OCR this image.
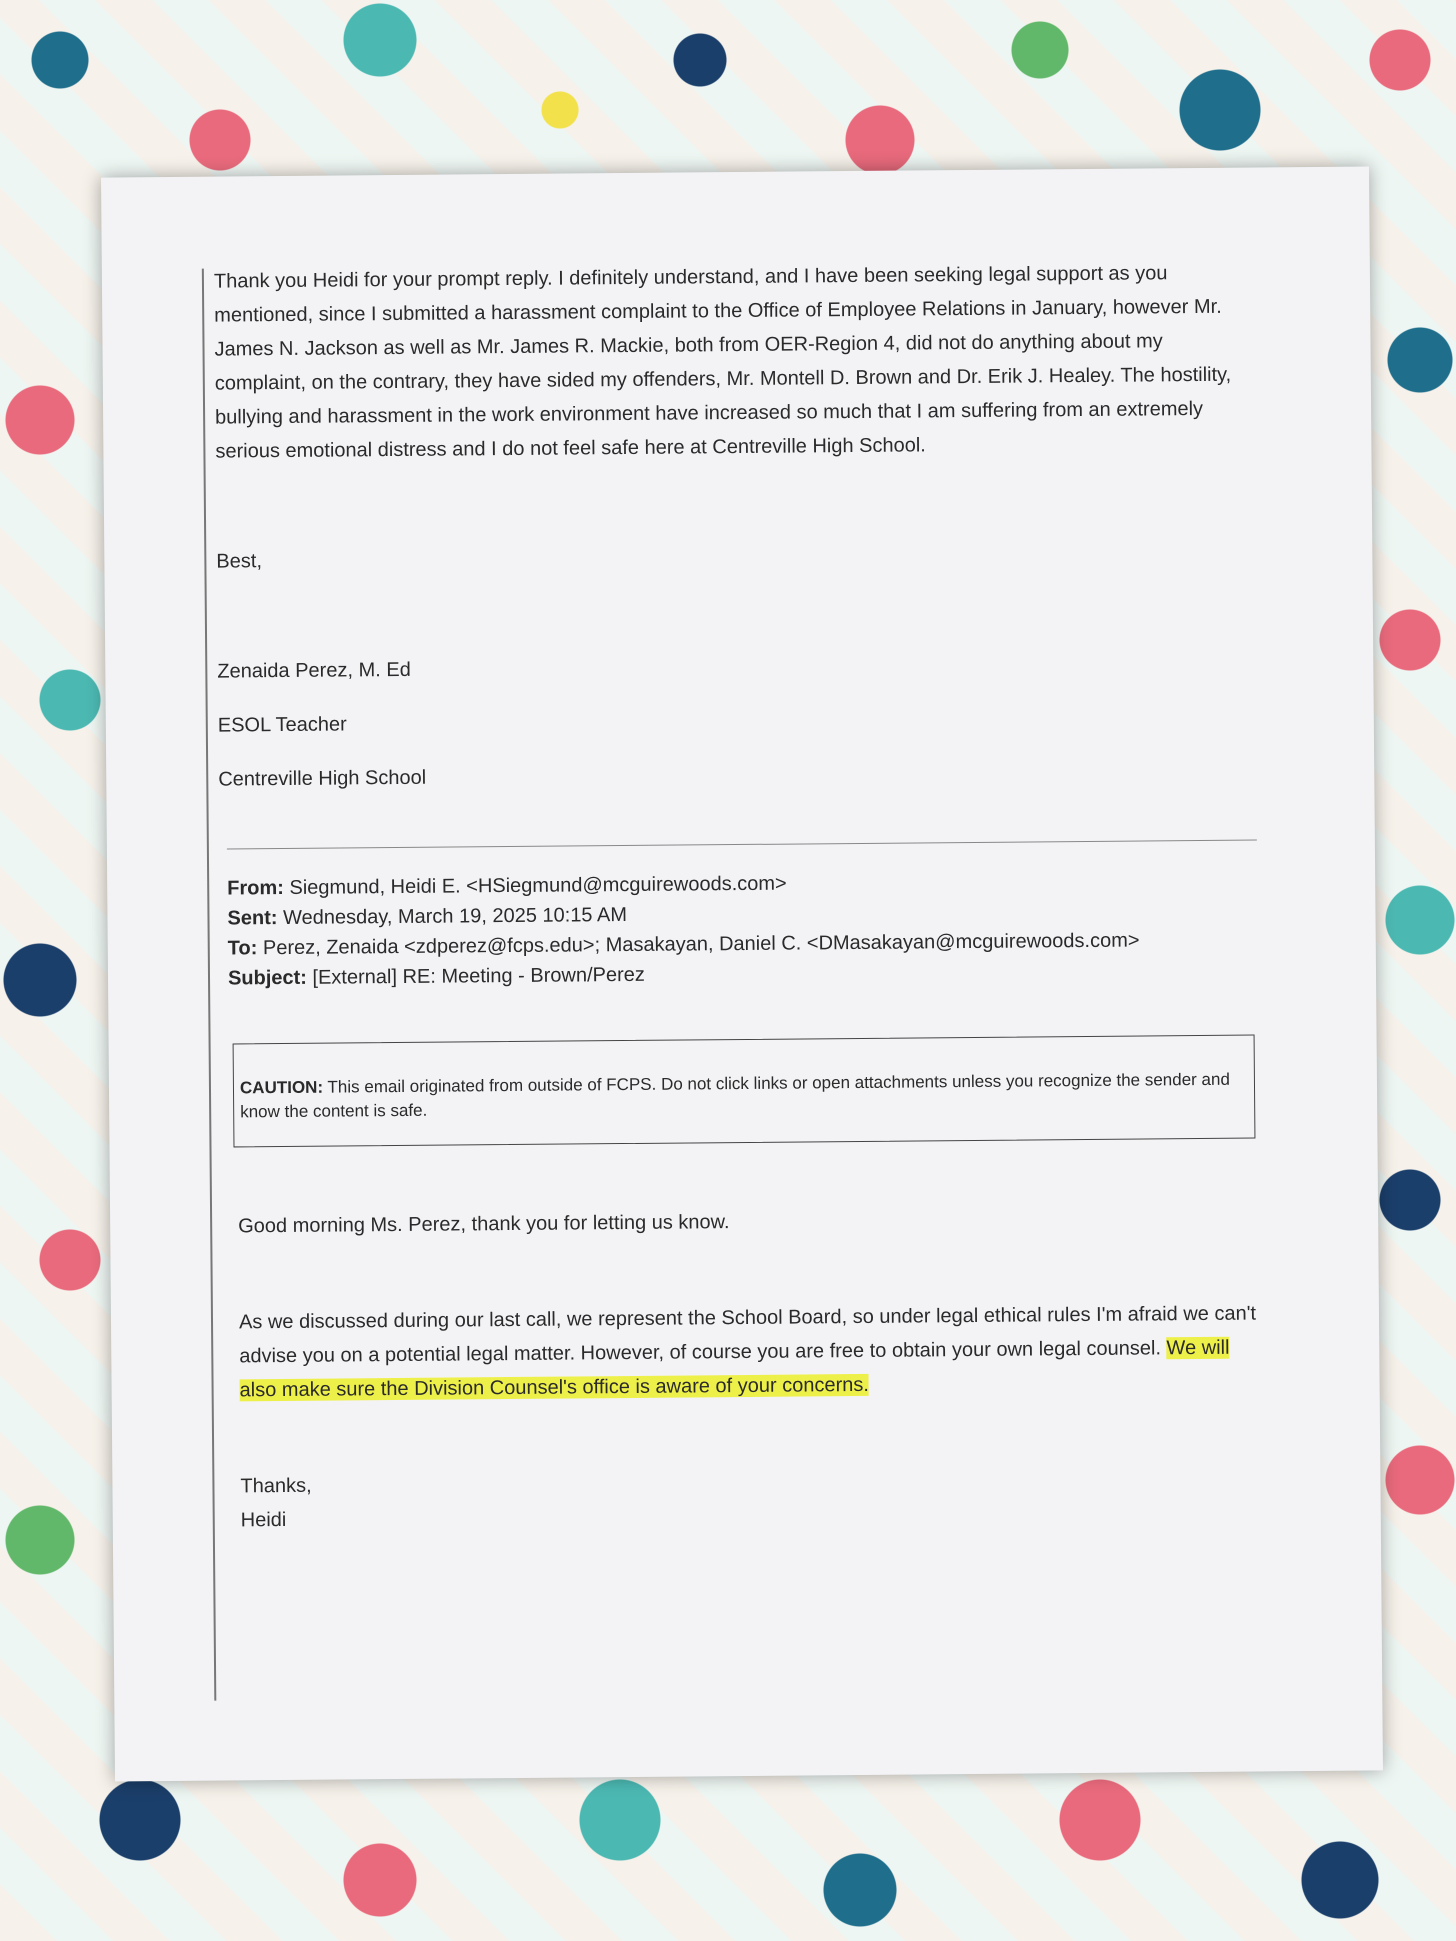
Thank you Heidi for your prompt reply. I definitely understand, and I have been seeking legal support as you mentioned, since I submitted a harassment complaint to the Office of Employee Relations in January, however Mr. James N. Jackson as well as Mr. James R. Mackie, both from OER-Region 4, did not do anything about my complaint, on the contrary, they have sided my offenders, Mr. Montell D. Brown and Dr. Erik J. Healey. The hostility, bullying and harassment in the work environment have increased so much that I am suffering from an extremely serious emotional distress and I do not feel safe here at Centreville High School.

Best,

Zenaida Perez, M. Ed

ESOL Teacher

Centreville High School

From: Siegmund, Heidi E. <HSiegmund@mcguirewoods.com>

Sent: Wednesday, March 19, 2025 10:15 AM

To: Perez, Zenaida <zdperez@fcps.edu>; Masakayan, Daniel C. <DMasakayan@mcguirewoods.com>

Subject: [External] RE: Meeting - Brown/Perez

CAUTION: This email originated from outside of FCPS. Do not click links or open attachments unless you recognize the sender and know the content is safe.

Good morning Ms. Perez, thank you for letting us know.

As we discussed during our last call, we represent the School Board, so under legal ethical rules I'm afraid we can't advise you on a potential legal matter. However, of course you are free to obtain your own legal counsel. We will also make sure the Division Counsel's office is aware of your concerns.

Thanks,

Heidi
